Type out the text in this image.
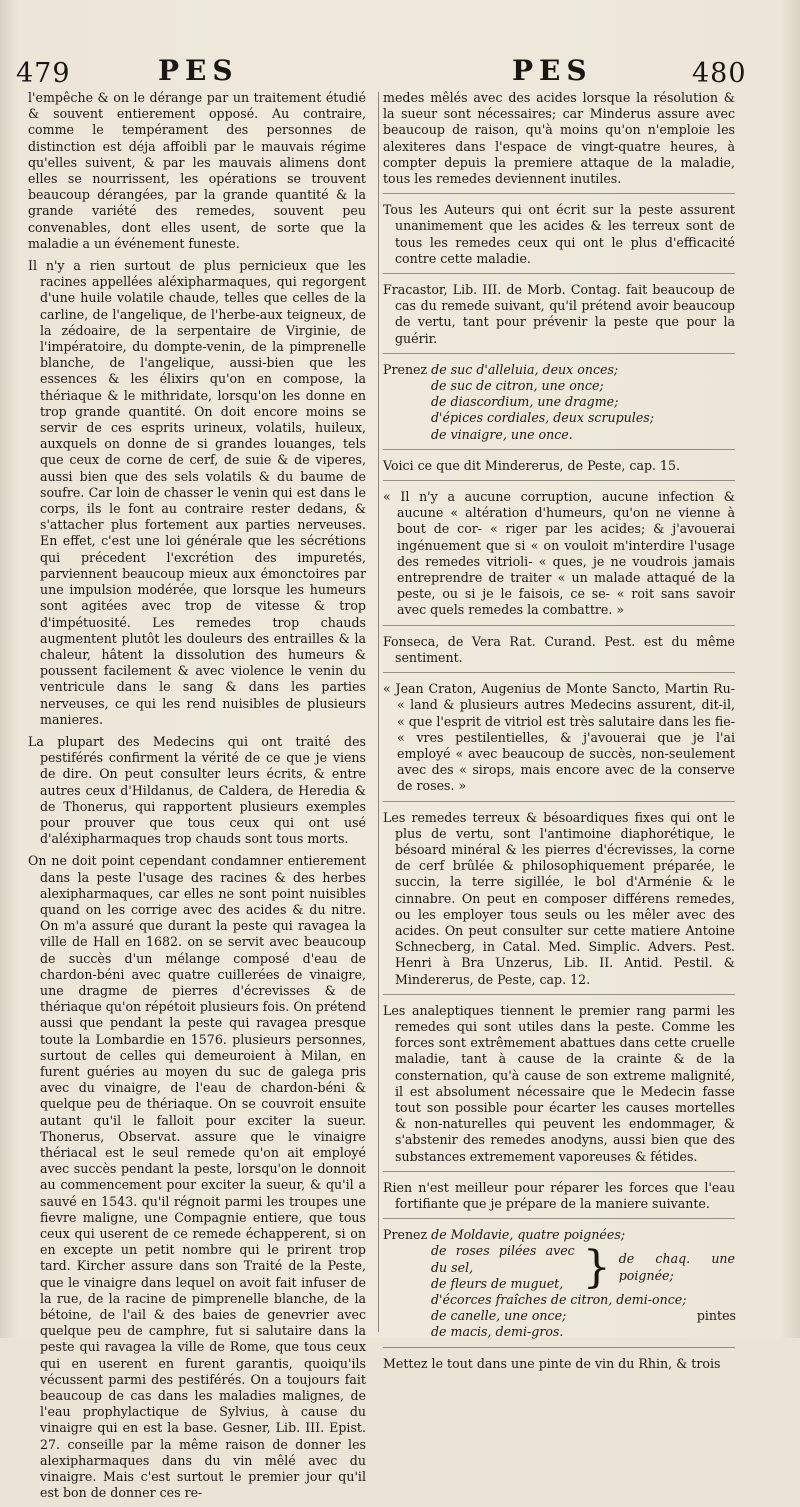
479	PES	PES	480

l'empêche & on le dérange par un traitement étudié & souvent entierement opposé. Au contraire, comme le tempérament des personnes de distinction est déja affoibli par le mauvais régime qu'elles suivent, & par les mauvais alimens dont elles se nourrissent, les opérations se trouvent beaucoup dérangées, par la grande quantité & la grande variété des remedes, souvent peu convenables, dont elles usent, de sorte que la maladie a un événement funeste.

Il n'y a rien surtout de plus pernicieux que les racines appellées aléxipharmaques, qui regorgent d'une huile volatile chaude, telles que celles de la carline, de l'angelique, de l'herbe-aux teigneux, de la zédoaire, de la serpentaire de Virginie, de l'impératoire, du dompte-venin, de la pimprenelle blanche, de l'angelique, aussi-bien que les essences & les élixirs qu'on en compose, la thériaque & le mithridate, lorsqu'on les donne en trop grande quantité. On doit encore moins se servir de ces esprits urineux, volatils, huileux, auxquels on donne de si grandes louanges, tels que ceux de corne de cerf, de suie & de viperes, aussi bien que des sels volatils & du baume de soufre. Car loin de chasser le venin qui est dans le corps, ils le font au contraire rester dedans, & s'attacher plus fortement aux parties nerveuses. En effet, c'est une loi générale que les sécrétions qui précedent l'excrétion des impuretés, parviennent beaucoup mieux aux émonctoires par une impulsion modérée, que lorsque les humeurs sont agitées avec trop de vitesse & trop d'impétuosité. Les remedes trop chauds augmentent plutôt les douleurs des entrailles & la chaleur, hâtent la dissolution des humeurs & poussent facilement & avec violence le venin du ventricule dans le sang & dans les parties nerveuses, ce qui les rend nuisibles de plusieurs manieres.

La plupart des Medecins qui ont traité des pestiférés confirment la vérité de ce que je viens de dire. On peut consulter leurs écrits, & entre autres ceux d'Hildanus, de Caldera, de Heredia & de Thonerus, qui rapportent plusieurs exemples pour prouver que tous ceux qui ont usé d'aléxipharmaques trop chauds sont tous morts.

On ne doit point cependant condamner entierement dans la peste l'usage des racines & des herbes alexipharmaques, car elles ne sont point nuisibles quand on les corrige avec des acides & du nitre. On m'a assuré que durant la peste qui ravagea la ville de Hall en 1682. on se servit avec beaucoup de succès d'un mélange composé d'eau de chardon-béni avec quatre cuillerées de vinaigre, une dragme de pierres d'écrevisses & de thériaque qu'on répétoit plusieurs fois. On prétend aussi que pendant la peste qui ravagea presque toute la Lombardie en 1576. plusieurs personnes, surtout de celles qui demeuroient à Milan, en furent guéries au moyen du suc de galega pris avec du vinaigre, de l'eau de chardon-béni & quelque peu de thériaque. On se couvroit ensuite autant qu'il le falloit pour exciter la sueur. Thonerus, Observat. assure que le vinaigre thériacal est le seul remede qu'on ait employé avec succès pendant la peste, lorsqu'on le donnoit au commencement pour exciter la sueur, & qu'il a sauvé en 1543. qu'il régnoit parmi les troupes une fievre maligne, une Compagnie entiere, que tous ceux qui userent de ce remede échapperent, si on en excepte un petit nombre qui le prirent trop tard. Kircher assure dans son Traité de la Peste, que le vinaigre dans lequel on avoit fait infuser de la rue, de la racine de pimprenelle blanche, de la bétoine, de l'ail & des baies de genevrier avec quelque peu de camphre, fut si salutaire dans la peste qui ravagea la ville de Rome, que tous ceux qui en userent en furent garantis, quoiqu'ils vécussent parmi des pestiférés. On a toujours fait beaucoup de cas dans les maladies malignes, de l'eau prophylactique de Sylvius, à cause du vinaigre qui en est la base. Gesner, Lib. III. Epist. 27. conseille par la même raison de donner les alexipharmaques dans du vin mêlé avec du vinaigre. Mais c'est surtout le premier jour qu'il est bon de donner ces re-

medes mêlés avec des acides lorsque la résolution & la sueur sont nécessaires; car Minderus assure avec beaucoup de raison, qu'à moins qu'on n'emploie les alexiteres dans l'espace de vingt-quatre heures, à compter depuis la premiere attaque de la maladie, tous les remedes deviennent inutiles.

Tous les Auteurs qui ont écrit sur la peste assurent unanimement que les acides & les terreux sont de tous les remedes ceux qui ont le plus d'efficacité contre cette maladie.

Fracastor, Lib. III. de Morb. Contag. fait beaucoup de cas du remede suivant, qu'il prétend avoir beaucoup de vertu, tant pour prévenir la peste que pour la guérir.

Prenez de suc d'alleluia, deux onces;
de suc de citron, une once;
de diascordium, une dragme;
d'épices cordiales, deux scrupules;
de vinaigre, une once.

Voici ce que dit Mindererus, de Peste, cap. 15.

« Il n'y a aucune corruption, aucune infection & aucune « altération d'humeurs, qu'on ne vienne à bout de cor- « riger par les acides; & j'avouerai ingénuement que si « on vouloit m'interdire l'usage des remedes vitrioli- « ques, je ne voudrois jamais entreprendre de traiter « un malade attaqué de la peste, ou si je le faisois, ce se- « roit sans savoir avec quels remedes la combattre. »

Fonseca, de Vera Rat. Curand. Pest. est du même sentiment.

« Jean Craton, Augenius de Monte Sancto, Martin Ru- « land & plusieurs autres Medecins assurent, dit-il, « que l'esprit de vitriol est très salutaire dans les fie- « vres pestilentielles, & j'avouerai que je l'ai employé « avec beaucoup de succès, non-seulement avec des « sirops, mais encore avec de la conserve de roses. »

Les remedes terreux & bésoardiques fixes qui ont le plus de vertu, sont l'antimoine diaphorétique, le bésoard minéral & les pierres d'écrevisses, la corne de cerf brûlée & philosophiquement préparée, le succin, la terre sigillée, le bol d'Arménie & le cinnabre. On peut en composer différens remedes, ou les employer tous seuls ou les mêler avec des acides. On peut consulter sur cette matiere Antoine Schnecberg, in Catal. Med. Simplic. Advers. Pest. Henri à Bra Unzerus, Lib. II. Antid. Pestil. & Mindererus, de Peste, cap. 12.

Les analeptiques tiennent le premier rang parmi les remedes qui sont utiles dans la peste. Comme les forces sont extrêmement abattues dans cette cruelle maladie, tant à cause de la crainte & de la consternation, qu'à cause de son extreme malignité, il est absolument nécessaire que le Medecin fasse tout son possible pour écarter les causes mortelles & non-naturelles qui peuvent les endommager, & s'abstenir des remedes anodyns, aussi bien que des substances extremement vaporeuses & fétides.

Rien n'est meilleur pour réparer les forces que l'eau fortifiante que je prépare de la maniere suivante.

Prenez de Moldavie, quatre poignées;
de roses pilées avec du sel,
de fleurs de muguet, } de chaq. une poignée;
d'écorces fraîches de citron, demi-once;
de canelle, une once;
de macis, demi-gros.

Mettez le tout dans une pinte de vin du Rhin, & trois

pintes
